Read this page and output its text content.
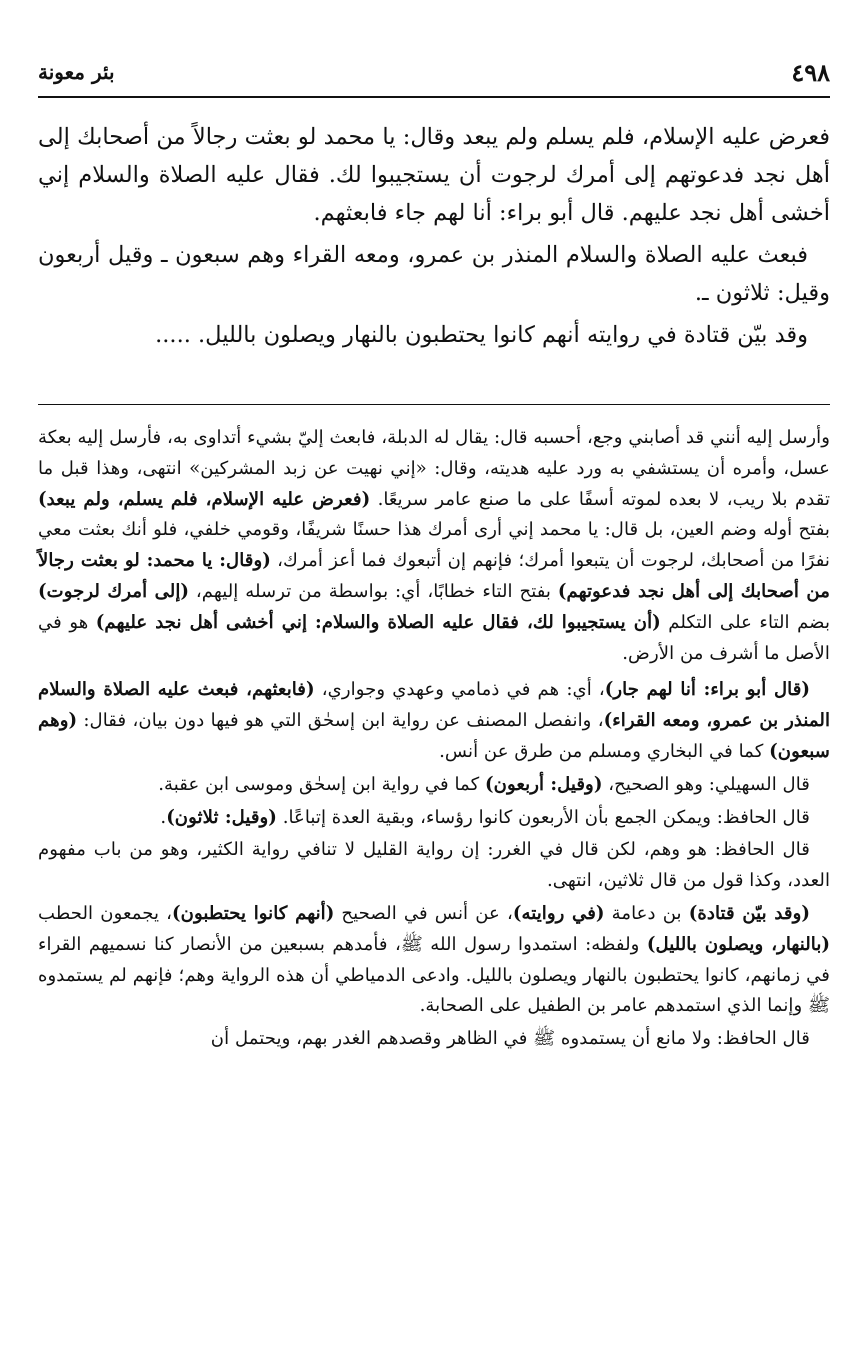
٤٩٨
بئر معونة

فعرض عليه الإسلام، فلم يسلم ولم يبعد وقال: يا محمد لو بعثت رجالاً من أصحابك إلى أهل نجد فدعوتهم إلى أمرك لرجوت أن يستجيبوا لك. فقال عليه الصلاة والسلام إني أخشى أهل نجد عليهم. قال أبو براء: أنا لهم جاء فابعثهم.

فبعث عليه الصلاة والسلام المنذر بن عمرو، ومعه القراء وهم سبعون ـ وقيل أربعون وقيل: ثلاثون ـ.

وقد بيّن قتادة في روايته أنهم كانوا يحتطبون بالنهار ويصلون بالليل. .....

وأرسل إليه أنني قد أصابني وجع، أحسبه قال: يقال له الدبلة، فابعث إليّ بشيء أتداوى به، فأرسل إليه بعكة عسل، وأمره أن يستشفي به ورد عليه هديته، وقال: «إني نهيت عن زبد المشركين» انتهى، وهذا قبل ما تقدم بلا ريب، لا بعده لموته أسفًا على ما صنع عامر سريعًا. (فعرض عليه الإسلام، فلم يسلم، ولم يبعد) بفتح أوله وضم العين، بل قال: يا محمد إني أرى أمرك هذا حسنًا شريفًا، وقومي خلفي، فلو أنك بعثت معي نفرًا من أصحابك، لرجوت أن يتبعوا أمرك؛ فإنهم إن أتبعوك فما أعز أمرك، (وقال: يا محمد: لو بعثت رجالاً من أصحابك إلى أهل نجد فدعوتهم) بفتح التاء خطابًا، أي: بواسطة من ترسله إليهم، (إلى أمرك لرجوت) بضم التاء على التكلم (أن يستجيبوا لك، فقال عليه الصلاة والسلام: إني أخشى أهل نجد عليهم) هو في الأصل ما أشرف من الأرض.

(قال أبو براء: أنا لهم جار)، أي: هم في ذمامي وعهدي وجواري، (فابعثهم، فبعث عليه الصلاة والسلام المنذر بن عمرو، ومعه القراء)، وانفصل المصنف عن رواية ابن إسحٰق التي هو فيها دون بيان، فقال: (وهم سبعون) كما في البخاري ومسلم من طرق عن أنس.

قال السهيلي: وهو الصحيح، (وقيل: أربعون) كما في رواية ابن إسحٰق وموسى ابن عقبة.

قال الحافظ: ويمكن الجمع بأن الأربعون كانوا رؤساء، وبقية العدة إتباعًا. (وقيل: ثلاثون).

قال الحافظ: هو وهم، لكن قال في الغرر: إن رواية القليل لا تنافي رواية الكثير، وهو من باب مفهوم العدد، وكذا قول من قال ثلاثين، انتهى.

(وقد بيّن قتادة) بن دعامة (في روايته)، عن أنس في الصحيح (أنهم كانوا يحتطبون)، يجمعون الحطب (بالنهار، ويصلون بالليل) ولفظه: استمدوا رسول الله ﷺ، فأمدهم بسبعين من الأنصار كنا نسميهم القراء في زمانهم، كانوا يحتطبون بالنهار ويصلون بالليل. وادعى الدمياطي أن هذه الرواية وهم؛ فإنهم لم يستمدوه ﷺ وإنما الذي استمدهم عامر بن الطفيل على الصحابة.

قال الحافظ: ولا مانع أن يستمدوه ﷺ في الظاهر وقصدهم الغدر بهم، ويحتمل أن
